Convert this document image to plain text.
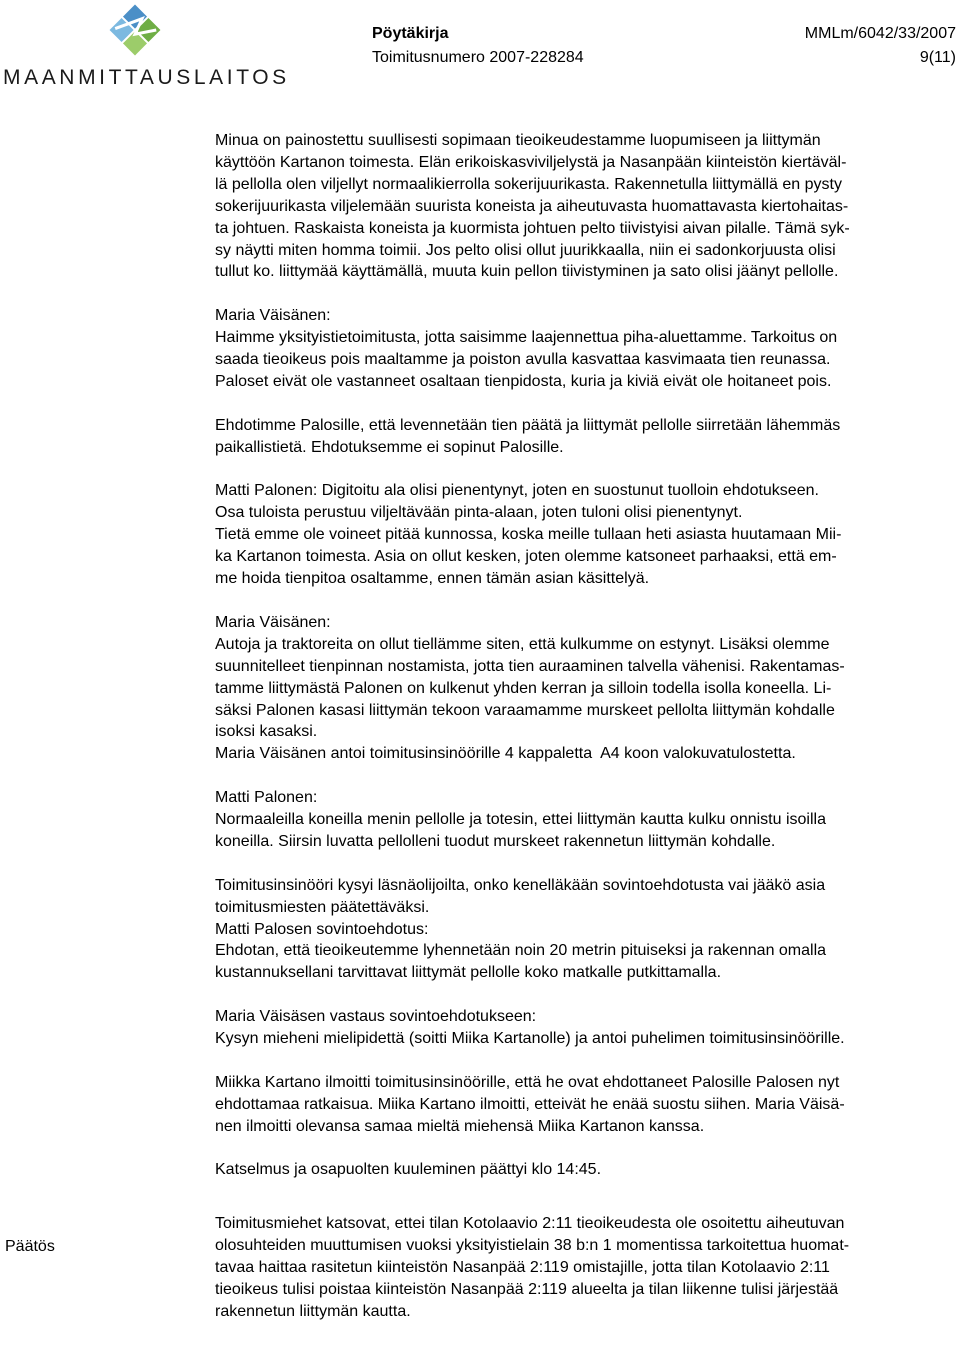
MAANMITTAUSLAITOS
Pöytäkirja
Toimitusnumero 2007-228284
MMLm/6042/33/2007
9(11)
Päätös
Minua on painostettu suullisesti sopimaan tieoikeudestamme luopumiseen ja liittymän
käyttöön Kartanon toimesta. Elän erikoiskasviviljelystä ja Nasanpään kiinteistön kiertäväl-
lä pellolla olen viljellyt normaalikierrolla sokerijuurikasta. Rakennetulla liittymällä en pysty
sokerijuurikasta viljelemään suurista koneista ja aiheutuvasta huomattavasta kiertohaitas-
ta johtuen. Raskaista koneista ja kuormista johtuen pelto tiivistyisi aivan pilalle. Tämä syk-
sy näytti miten homma toimii. Jos pelto olisi ollut juurikkaalla, niin ei sadonkorjuusta olisi
tullut ko. liittymää käyttämällä, muuta kuin pellon tiivistyminen ja sato olisi jäänyt pellolle.
Maria Väisänen:
Haimme yksityistietoimitusta, jotta saisimme laajennettua piha-aluettamme. Tarkoitus on
saada tieoikeus pois maaltamme ja poiston avulla kasvattaa kasvimaata tien reunassa.
Paloset eivät ole vastanneet osaltaan tienpidosta, kuria ja kiviä eivät ole hoitaneet pois.
Ehdotimme Palosille, että levennetään tien päätä ja liittymät pellolle siirretään lähemmäs
paikallistietä. Ehdotuksemme ei sopinut Palosille.
Matti Palonen: Digitoitu ala olisi pienentynyt, joten en suostunut tuolloin ehdotukseen.
Osa tuloista perustuu viljeltävään pinta-alaan, joten tuloni olisi pienentynyt.
Tietä emme ole voineet pitää kunnossa, koska meille tullaan heti asiasta huutamaan Mii-
ka Kartanon toimesta. Asia on ollut kesken, joten olemme katsoneet parhaaksi, että em-
me hoida tienpitoa osaltamme, ennen tämän asian käsittelyä.
Maria Väisänen:
Autoja ja traktoreita on ollut tiellämme siten, että kulkumme on estynyt. Lisäksi olemme
suunnitelleet tienpinnan nostamista, jotta tien auraaminen talvella vähenisi. Rakentamas-
tamme liittymästä Palonen on kulkenut yhden kerran ja silloin todella isolla koneella. Li-
säksi Palonen kasasi liittymän tekoon varaamamme murskeet pellolta liittymän kohdalle
isoksi kasaksi.
Maria Väisänen antoi toimitusinsinöörille 4 kappaletta  A4 koon valokuvatulostetta.
Matti Palonen:
Normaaleilla koneilla menin pellolle ja totesin, ettei liittymän kautta kulku onnistu isoilla
koneilla. Siirsin luvatta pellolleni tuodut murskeet rakennetun liittymän kohdalle.
Toimitusinsinööri kysyi läsnäolijoilta, onko kenelläkään sovintoehdotusta vai jääkö asia
toimitusmiesten päätettäväksi.
Matti Palosen sovintoehdotus:
Ehdotan, että tieoikeutemme lyhennetään noin 20 metrin pituiseksi ja rakennan omalla
kustannuksellani tarvittavat liittymät pellolle koko matkalle putkittamalla.
Maria Väisäsen vastaus sovintoehdotukseen:
Kysyn mieheni mielipidettä (soitti Miika Kartanolle) ja antoi puhelimen toimitusinsinöörille.
Miikka Kartano ilmoitti toimitusinsinöörille, että he ovat ehdottaneet Palosille Palosen nyt
ehdottamaa ratkaisua. Miika Kartano ilmoitti, etteivät he enää suostu siihen. Maria Väisä-
nen ilmoitti olevansa samaa mieltä miehensä Miika Kartanon kanssa.
Katselmus ja osapuolten kuuleminen päättyi klo 14:45.
Toimitusmiehet katsovat, ettei tilan Kotolaavio 2:11 tieoikeudesta ole osoitettu aiheutuvan
olosuhteiden muuttumisen vuoksi yksityistielain 38 b:n 1 momentissa tarkoitettua huomat-
tavaa haittaa rasitetun kiinteistön Nasanpää 2:119 omistajille, jotta tilan Kotolaavio 2:11
tieoikeus tulisi poistaa kiinteistön Nasanpää 2:119 alueelta ja tilan liikenne tulisi järjestää
rakennetun liittymän kautta.
